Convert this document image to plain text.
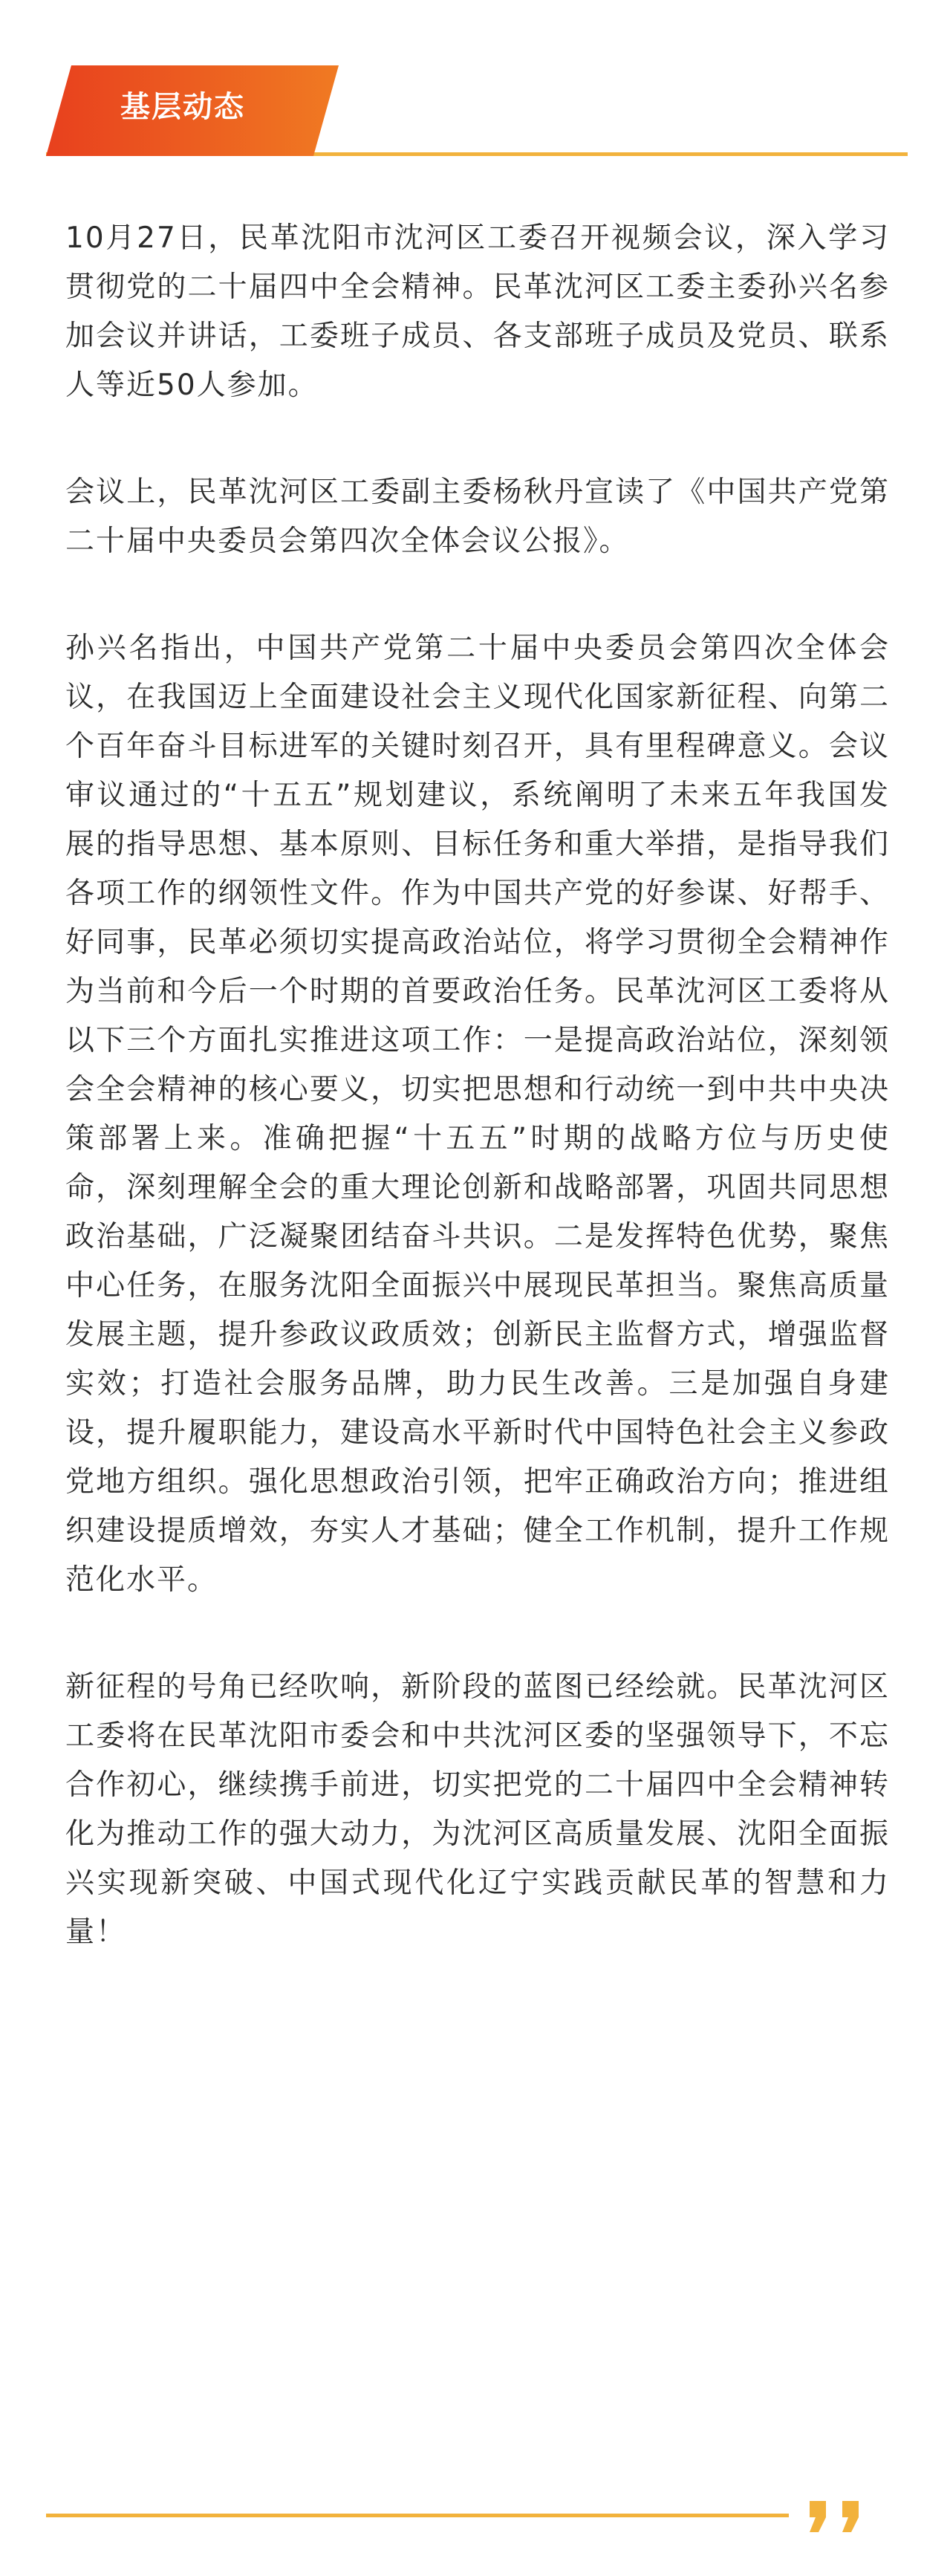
基层动态

10月27日，民革沈阳市沈河区工委召开视频会议，深入学习贯彻党的二十届四中全会精神。民革沈河区工委主委孙兴名参加会议并讲话，工委班子成员、各支部班子成员及党员、联系人等近50人参加。

会议上，民革沈河区工委副主委杨秋丹宣读了《中国共产党第二十届中央委员会第四次全体会议公报》。

孙兴名指出，中国共产党第二十届中央委员会第四次全体会议，在我国迈上全面建设社会主义现代化国家新征程、向第二个百年奋斗目标进军的关键时刻召开，具有里程碑意义。会议审议通过的“十五五”规划建议，系统阐明了未来五年我国发展的指导思想、基本原则、目标任务和重大举措，是指导我们各项工作的纲领性文件。作为中国共产党的好参谋、好帮手、好同事，民革必须切实提高政治站位，将学习贯彻全会精神作为当前和今后一个时期的首要政治任务。民革沈河区工委将从以下三个方面扎实推进这项工作：一是提高政治站位，深刻领会全会精神的核心要义，切实把思想和行动统一到中共中央决策部署上来。准确把握“十五五”时期的战略方位与历史使命，深刻理解全会的重大理论创新和战略部署，巩固共同思想政治基础，广泛凝聚团结奋斗共识。二是发挥特色优势，聚焦中心任务，在服务沈阳全面振兴中展现民革担当。聚焦高质量发展主题，提升参政议政质效；创新民主监督方式，增强监督实效；打造社会服务品牌，助力民生改善。三是加强自身建设，提升履职能力，建设高水平新时代中国特色社会主义参政党地方组织。强化思想政治引领，把牢正确政治方向；推进组织建设提质增效，夯实人才基础；健全工作机制，提升工作规范化水平。

新征程的号角已经吹响，新阶段的蓝图已经绘就。民革沈河区工委将在民革沈阳市委会和中共沈河区委的坚强领导下，不忘合作初心，继续携手前进，切实把党的二十届四中全会精神转化为推动工作的强大动力，为沈河区高质量发展、沈阳全面振兴实现新突破、中国式现代化辽宁实践贡献民革的智慧和力量！
